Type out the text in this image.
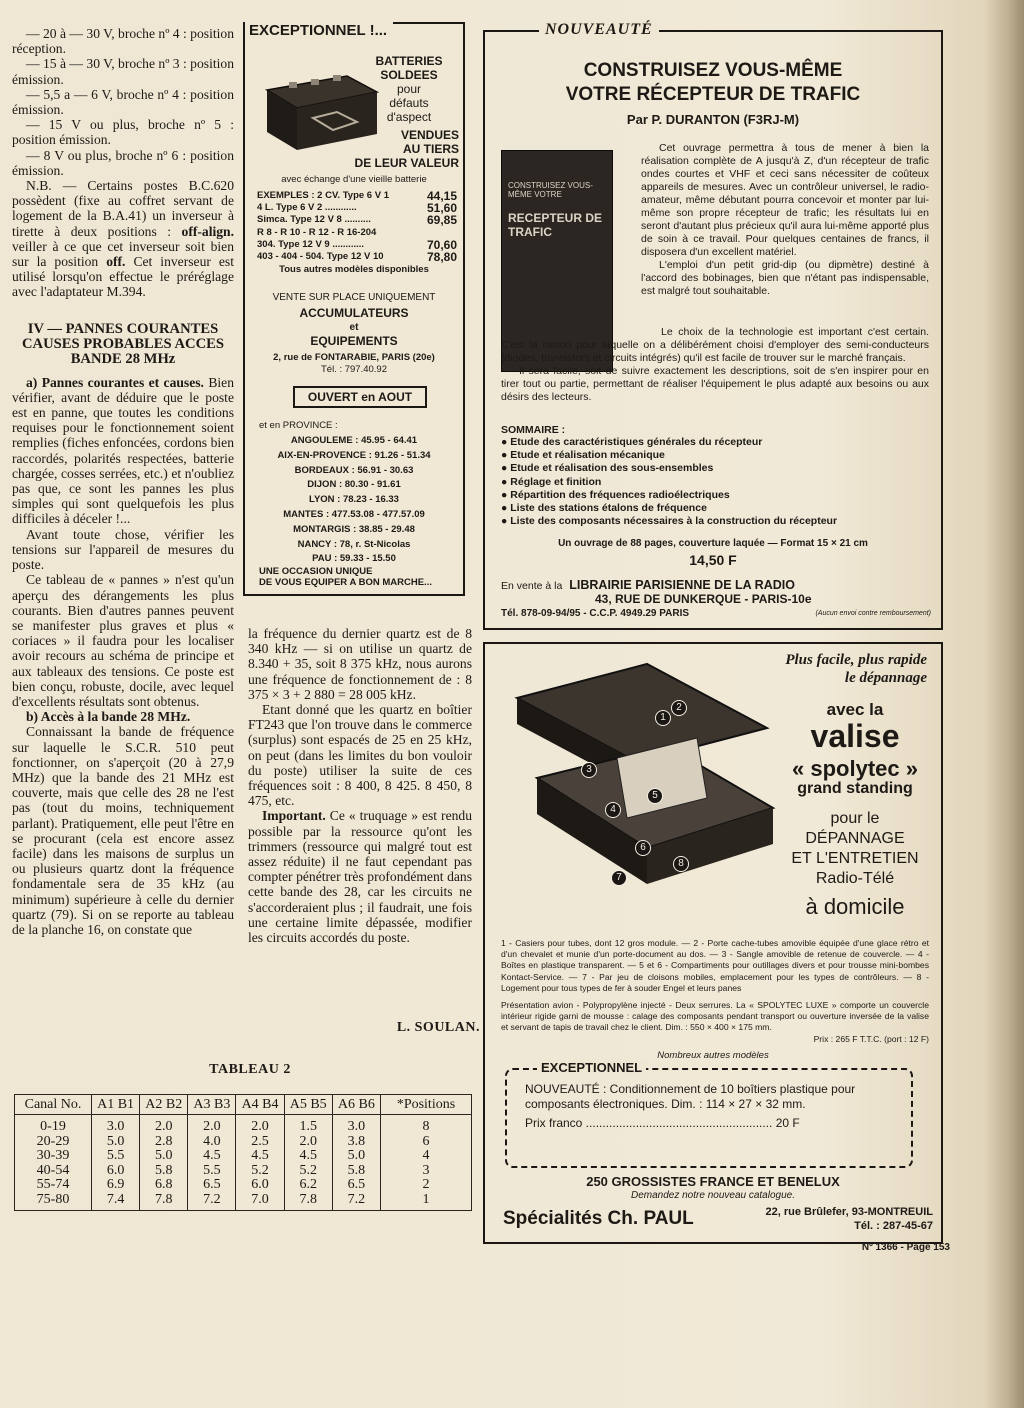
— 20 à — 30 V, broche nº 4 : position réception.

— 15 à — 30 V, broche nº 3 : position émission.

— 5,5 a — 6 V, broche nº 4 : position émission.

— 15 V ou plus, broche nº 5 : position émission.

— 8 V ou plus, broche nº 6 : position émission.

N.B. — Certains postes B.C.620 possèdent (fixe au coffret servant de logement de la B.A.41) un inverseur à tirette à deux positions : off-align. veiller à ce que cet inverseur soit bien sur la position off. Cet inverseur est utilisé lorsqu'on effectue le préréglage avec l'adaptateur M.394.

IV — PANNES COURANTES CAUSES PROBABLES ACCES BANDE 28 MHz

a) Pannes courantes et causes. Bien vérifier, avant de déduire que le poste est en panne, que toutes les conditions requises pour le fonctionnement soient remplies (fiches enfoncées, cordons bien raccordés, polarités respectées, batterie chargée, cosses serrées, etc.) et n'oubliez pas que, ce sont les pannes les plus simples qui sont quelquefois les plus difficiles à déceler !...

Avant toute chose, vérifier les tensions sur l'appareil de mesures du poste.

Ce tableau de « pannes » n'est qu'un aperçu des dérangements les plus courants. Bien d'autres pannes peuvent se manifester plus graves et plus « coriaces » il faudra pour les localiser avoir recours au schéma de principe et aux tableaux des tensions. Ce poste est bien conçu, robuste, docile, avec lequel d'excellents résultats sont obtenus.

b) Accès à la bande 28 MHz.

Connaissant la bande de fréquence sur laquelle le S.C.R. 510 peut fonctionner, on s'aperçoit (20 à 27,9 MHz) que la bande des 21 MHz est couverte, mais que celle des 28 ne l'est pas (tout du moins, techniquement parlant). Pratiquement, elle peut l'être en se procurant (cela est encore assez facile) dans les maisons de surplus un ou plusieurs quartz dont la fréquence fondamentale sera de 35 kHz (au minimum) supérieure à celle du dernier quartz (79). Si on se reporte au tableau de la planche 16, on constate que

la fréquence du dernier quartz est de 8 340 kHz — si on utilise un quartz de 8.340 + 35, soit 8 375 kHz, nous aurons une fréquence de fonctionnement de : 8 375 × 3 + 2 880 = 28 005 kHz.

Etant donné que les quartz en boîtier FT243 que l'on trouve dans le commerce (surplus) sont espacés de 25 en 25 kHz, on peut (dans les limites du bon vouloir du poste) utiliser la suite de ces fréquences soit : 8 400, 8 425. 8 450, 8 475, etc.

Important. Ce « truquage » est rendu possible par la ressource qu'ont les trimmers (ressource qui malgré tout est assez réduite) il ne faut cependant pas compter pénétrer très profondément dans cette bande des 28, car les circuits ne s'accorderaient plus ; il faudrait, une fois une certaine limite dépassée, modifier les circuits accordés du poste.

L. SOULAN.
TABLEAU 2
Canal No.	A1 B1	A2 B2	A3 B3	A4 B4	A5 B5	A6 B6	*Positions
0-19	3.0	2.0	2.0	2.0	1.5	3.0	8
20-29	5.0	2.8	4.0	2.5	2.0	3.8	6
30-39	5.5	5.0	4.5	4.5	4.5	5.0	4
40-54	6.0	5.8	5.5	5.2	5.2	5.8	3
55-74	6.9	6.8	6.5	6.0	6.2	6.5	2
75-80	7.4	7.8	7.2	7.0	7.8	7.2	1
EXCEPTIONNEL !...
BATTERIES
SOLDEES
pour
défauts
d'aspect
VENDUES
AU TIERS
DE LEUR VALEUR
avec échange d'une vieille batterie
EXEMPLES : 2 CV. Type 6 V 1	44,15
4 L. Type 6 V 2 ............	51,60
Simca. Type 12 V 8 ..........	69,85
R 8 - R 10 - R 12 - R 16-204
304. Type 12 V 9 ............	70,60
403 - 404 - 504. Type 12 V 10	78,80
Tous autres modèles disponibles
VENTE SUR PLACE UNIQUEMENT
ACCUMULATEURS
et
EQUIPEMENTS
2, rue de FONTARABIE, PARIS (20e)
Tél. : 797.40.92
OUVERT en AOUT
et en PROVINCE :
ANGOULEME : 45.95 - 64.41
AIX-EN-PROVENCE : 91.26 - 51.34
BORDEAUX : 56.91 - 30.63
DIJON : 80.30 - 91.61
LYON : 78.23 - 16.33
MANTES : 477.53.08 - 477.57.09
MONTARGIS : 38.85 - 29.48
NANCY : 78, r. St-Nicolas
PAU : 59.33 - 15.50
UNE OCCASION UNIQUE
DE VOUS EQUIPER A BON MARCHE...
NOUVEAUTÉ
CONSTRUISEZ VOUS-MÊME
VOTRE RÉCEPTEUR DE TRAFIC
Par P. DURANTON (F3RJ-M)
CONSTRUISEZ VOUS-MÊME VOTRE
RECEPTEUR DE TRAFIC
Cet ouvrage permettra à tous de mener à bien la réalisation complète de A jusqu'à Z, d'un récepteur de trafic ondes courtes et VHF et ceci sans nécessiter de coûteux appareils de mesures. Avec un contrôleur universel, le radio-amateur, même débutant pourra concevoir et monter par lui-même son propre récepteur de trafic; les résultats lui en seront d'autant plus précieux qu'il aura lui-même apporté plus de soin à ce travail. Pour quelques centaines de francs, il disposera d'un excellent matériel.
L'emploi d'un petit grid-dip (ou dipmètre) destiné à l'accord des bobinages, bien que n'étant pas indispensable, est malgré tout souhaitable.
Le choix de la technologie est important c'est certain. C'est la raison pour laquelle on a délibérément choisi d'employer des semi-conducteurs (diodes, transistors et circuits intégrés) qu'il est facile de trouver sur le marché français.
Il sera facile, soit de suivre exactement les descriptions, soit de s'en inspirer pour en tirer tout ou partie, permettant de réaliser l'équipement le plus adapté aux besoins ou aux désirs des lecteurs.
SOMMAIRE :
● Etude des caractéristiques générales du récepteur
● Etude et réalisation mécanique
● Etude et réalisation des sous-ensembles
● Réglage et finition
● Répartition des fréquences radioélectriques
● Liste des stations étalons de fréquence
● Liste des composants nécessaires à la construction du récepteur
Un ouvrage de 88 pages, couverture laquée — Format 15 × 21 cm
14,50 F
En vente à la LIBRAIRIE PARISIENNE DE LA RADIO
43, RUE DE DUNKERQUE - PARIS-10e
Tél. 878-09-94/95 - C.C.P. 4949.29 PARIS	(Aucun envoi contre remboursement)
1
2
3
4
5
6
7
8
Plus facile, plus rapide
le dépannage
avec la
valise
« spolytec »
grand standing
pour le
DÉPANNAGE
ET L'ENTRETIEN
Radio-Télé
à domicile
1 - Casiers pour tubes, dont 12 gros module. — 2 - Porte cache-tubes amovible équipée d'une glace rétro et d'un chevalet et munie d'un porte-document au dos. — 3 - Sangle amovible de retenue de couvercle. — 4 - Boîtes en plastique transparent. — 5 et 6 - Compartiments pour outillages divers et pour trousse mini-bombes Kontact-Service. — 7 - Par jeu de cloisons mobiles, emplacement pour les types de contrôleurs. — 8 - Logement pour tous types de fer à souder Engel et leurs panes
Présentation avion - Polypropylène injecté - Deux serrures. La « SPOLYTEC LUXE » comporte un couvercle intérieur rigide garni de mousse : calage des composants pendant transport ou ouverture inversée de la valise et servant de tapis de travail chez le client. Dim. : 550 × 400 × 175 mm.
Prix : 265 F T.T.C. (port : 12 F)
Nombreux autres modèles
EXCEPTIONNEL
NOUVEAUTÉ : Conditionnement de 10 boîtiers plastique pour composants électroniques. Dim. : 114 × 27 × 32 mm.
Prix franco ........................................................ 20 F
250 GROSSISTES FRANCE ET BENELUX
Demandez notre nouveau catalogue.
Spécialités Ch. PAUL	22, rue Brûlefer, 93-MONTREUIL
Tél. : 287-45-67
Nº 1366 - Page 153
